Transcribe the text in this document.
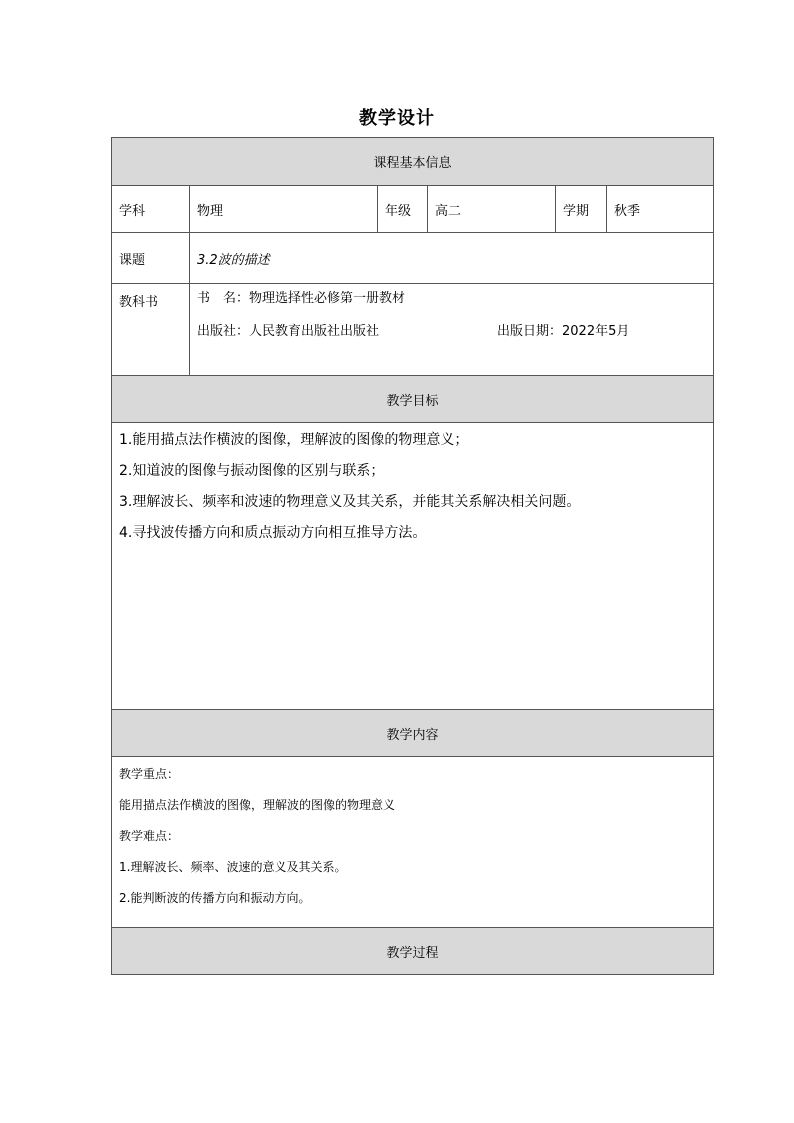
教学设计
课程基本信息					
学科	物理	年级	高二	学期	秋季
课题	3.2波的描述				
教科书	书　名：物理选择性必修第一册教材
出版社：人民教育出版社出版社 出版日期：2022年5月				

教学目标					

1.能用描点法作横波的图像，理解波的图像的物理意义；
2.知道波的图像与振动图像的区别与联系；
3.理解波长、频率和波速的物理意义及其关系，并能其关系解决相关问题。
4.寻找波传播方向和质点振动方向相互推导方法。					

教学内容					

教学重点：
能用描点法作横波的图像，理解波的图像的物理意义
教学难点：
1.理解波长、频率、波速的意义及其关系。
2.能判断波的传播方向和振动方向。					

教学过程					
